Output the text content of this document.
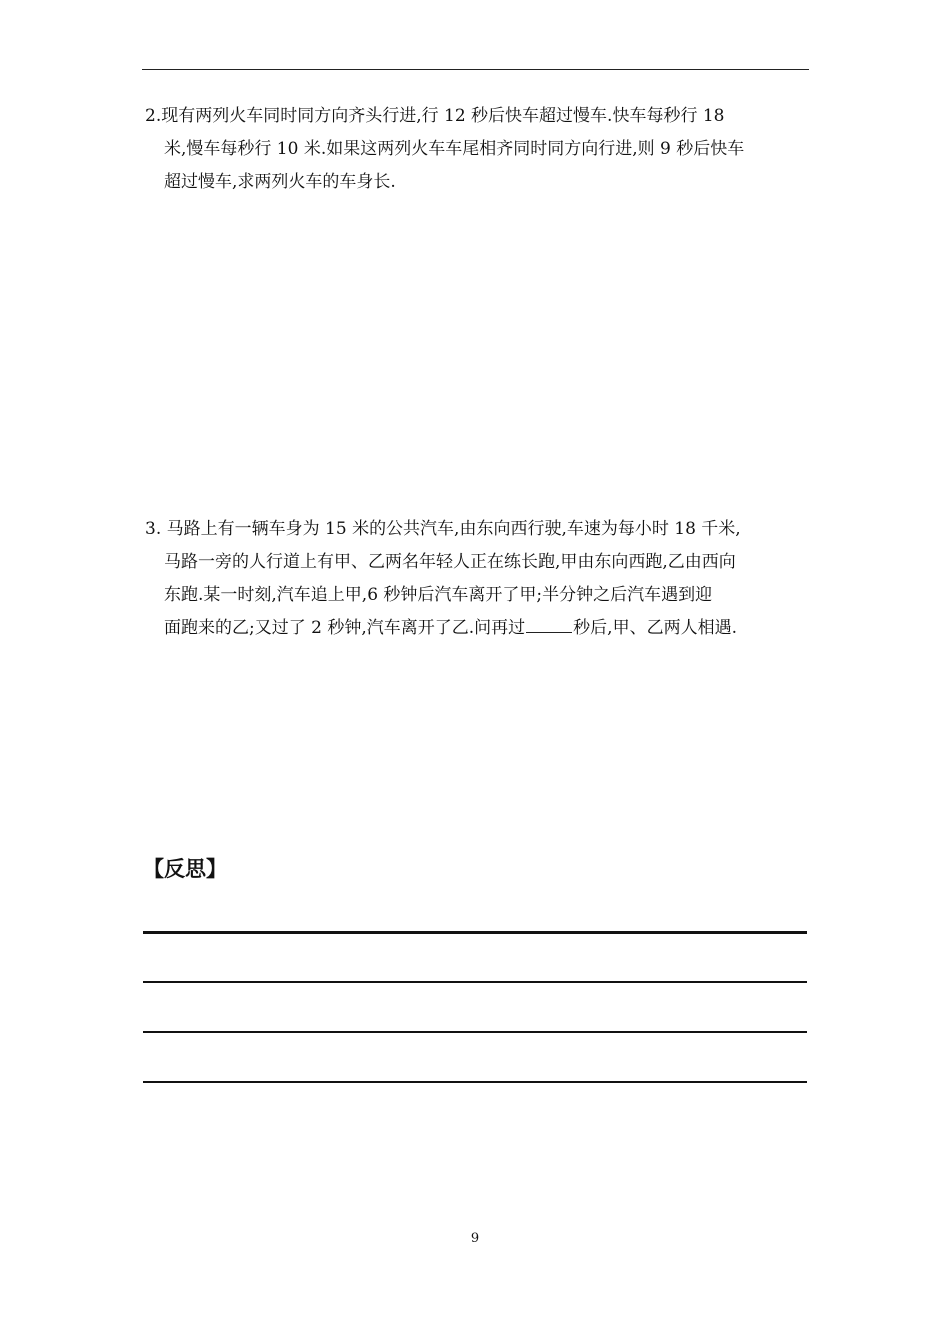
2.现有两列火车同时同方向齐头行进,行 12 秒后快车超过慢车.快车每秒行 18
米,慢车每秒行 10 米.如果这两列火车车尾相齐同时同方向行进,则 9 秒后快车
超过慢车,求两列火车的车身长.
3. 马路上有一辆车身为 15 米的公共汽车,由东向西行驶,车速为每小时 18 千米,
马路一旁的人行道上有甲、乙两名年轻人正在练长跑,甲由东向西跑,乙由西向
东跑.某一时刻,汽车追上甲,6 秒钟后汽车离开了甲;半分钟之后汽车遇到迎
面跑来的乙;又过了 2 秒钟,汽车离开了乙.问再过	秒后,甲、乙两人相遇.
【反思】
9
